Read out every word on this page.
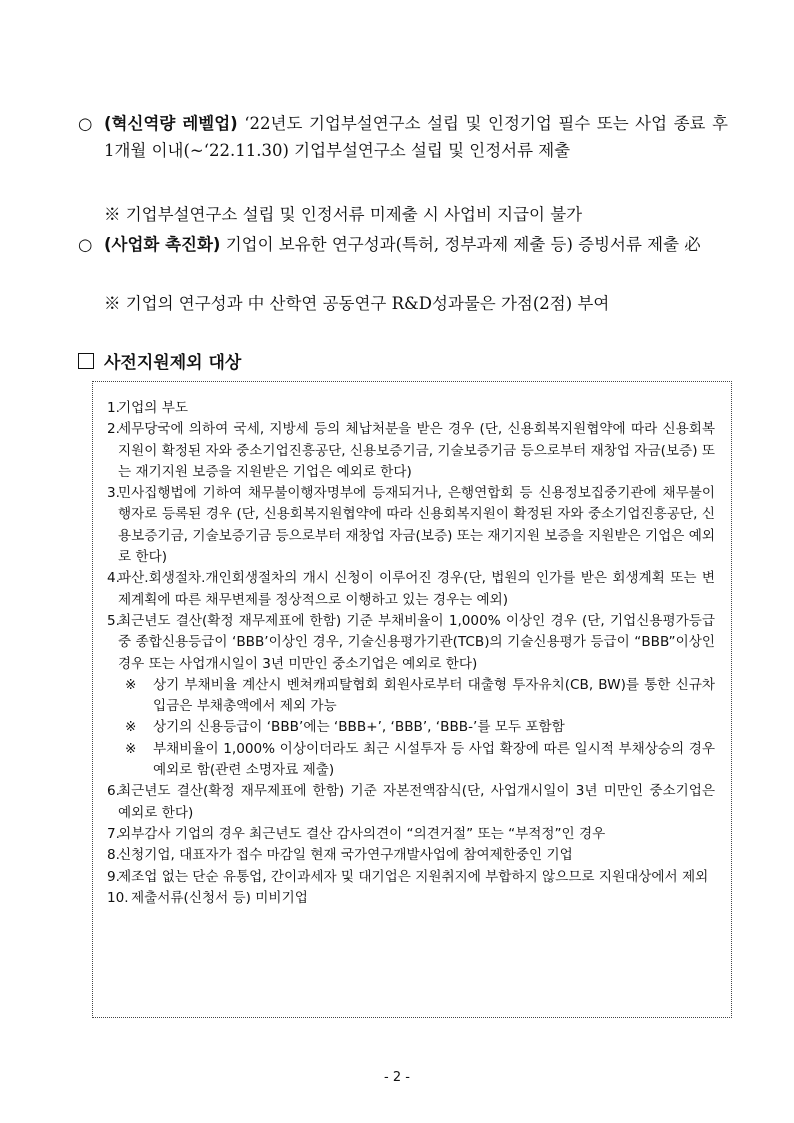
○ (혁신역량 레벨업) ‘22년도 기업부설연구소 설립 및 인정기업 필수 또는 사업 종료 후 1개월 이내(~‘22.11.30) 기업부설연구소 설립 및 인정서류 제출
※ 기업부설연구소 설립 및 인정서류 미제출 시 사업비 지급이 불가
○ (사업화 촉진화) 기업이 보유한 연구성과(특허, 정부과제 제출 등) 증빙서류 제출 必
※ 기업의 연구성과 中 산학연 공동연구 R&D성과물은 가점(2점) 부여
사전지원제외 대상
1.
기업의 부도
2.
세무당국에 의하여 국세, 지방세 등의 체납처분을 받은 경우 (단, 신용회복지원협약에 따라 신용회복지원이 확정된 자와 중소기업진흥공단, 신용보증기금, 기술보증기금 등으로부터 재창업 자금(보증) 또는 재기지원 보증을 지원받은 기업은 예외로 한다)
3.
민사집행법에 기하여 채무불이행자명부에 등재되거나, 은행연합회 등 신용정보집중기관에 채무불이행자로 등록된 경우 (단, 신용회복지원협약에 따라 신용회복지원이 확정된 자와 중소기업진흥공단, 신용보증기금, 기술보증기금 등으로부터 재창업 자금(보증) 또는 재기지원 보증을 지원받은 기업은 예외로 한다)
4.
파산.회생절차.개인회생절차의 개시 신청이 이루어진 경우(단, 법원의 인가를 받은 회생계획 또는 변제계획에 따른 채무변제를 정상적으로 이행하고 있는 경우는 예외)
5.
최근년도 결산(확정 재무제표에 한함) 기준 부채비율이 1,000% 이상인 경우 (단, 기업신용평가등급 중 종합신용등급이 ‘BBB’이상인 경우, 기술신용평가기관(TCB)의 기술신용평가 등급이 “BBB”이상인 경우 또는 사업개시일이 3년 미만인 중소기업은 예외로 한다)
※ 상기 부채비율 계산시 벤쳐캐피탈협회 회원사로부터 대출형 투자유치(CB, BW)를 통한 신규차입금은 부채총액에서 제외 가능
※ 상기의 신용등급이 ‘BBB’에는 ‘BBB+’, ‘BBB’, ‘BBB-’를 모두 포함함
※ 부채비율이 1,000% 이상이더라도 최근 시설투자 등 사업 확장에 따른 일시적 부채상승의 경우 예외로 함(관련 소명자료 제출)
6.
최근년도 결산(확정 재무제표에 한함) 기준 자본전액잠식(단, 사업개시일이 3년 미만인 중소기업은 예외로 한다)
7.
외부감사 기업의 경우 최근년도 결산 감사의견이 “의견거절” 또는 “부적정”인 경우
8.
신청기업, 대표자가 접수 마감일 현재 국가연구개발사업에 참여제한중인 기업
9.
제조업 없는 단순 유통업, 간이과세자 및 대기업은 지원취지에 부합하지 않으므로 지원대상에서 제외
10. 제출서류(신청서 등) 미비기업
- 2 -
